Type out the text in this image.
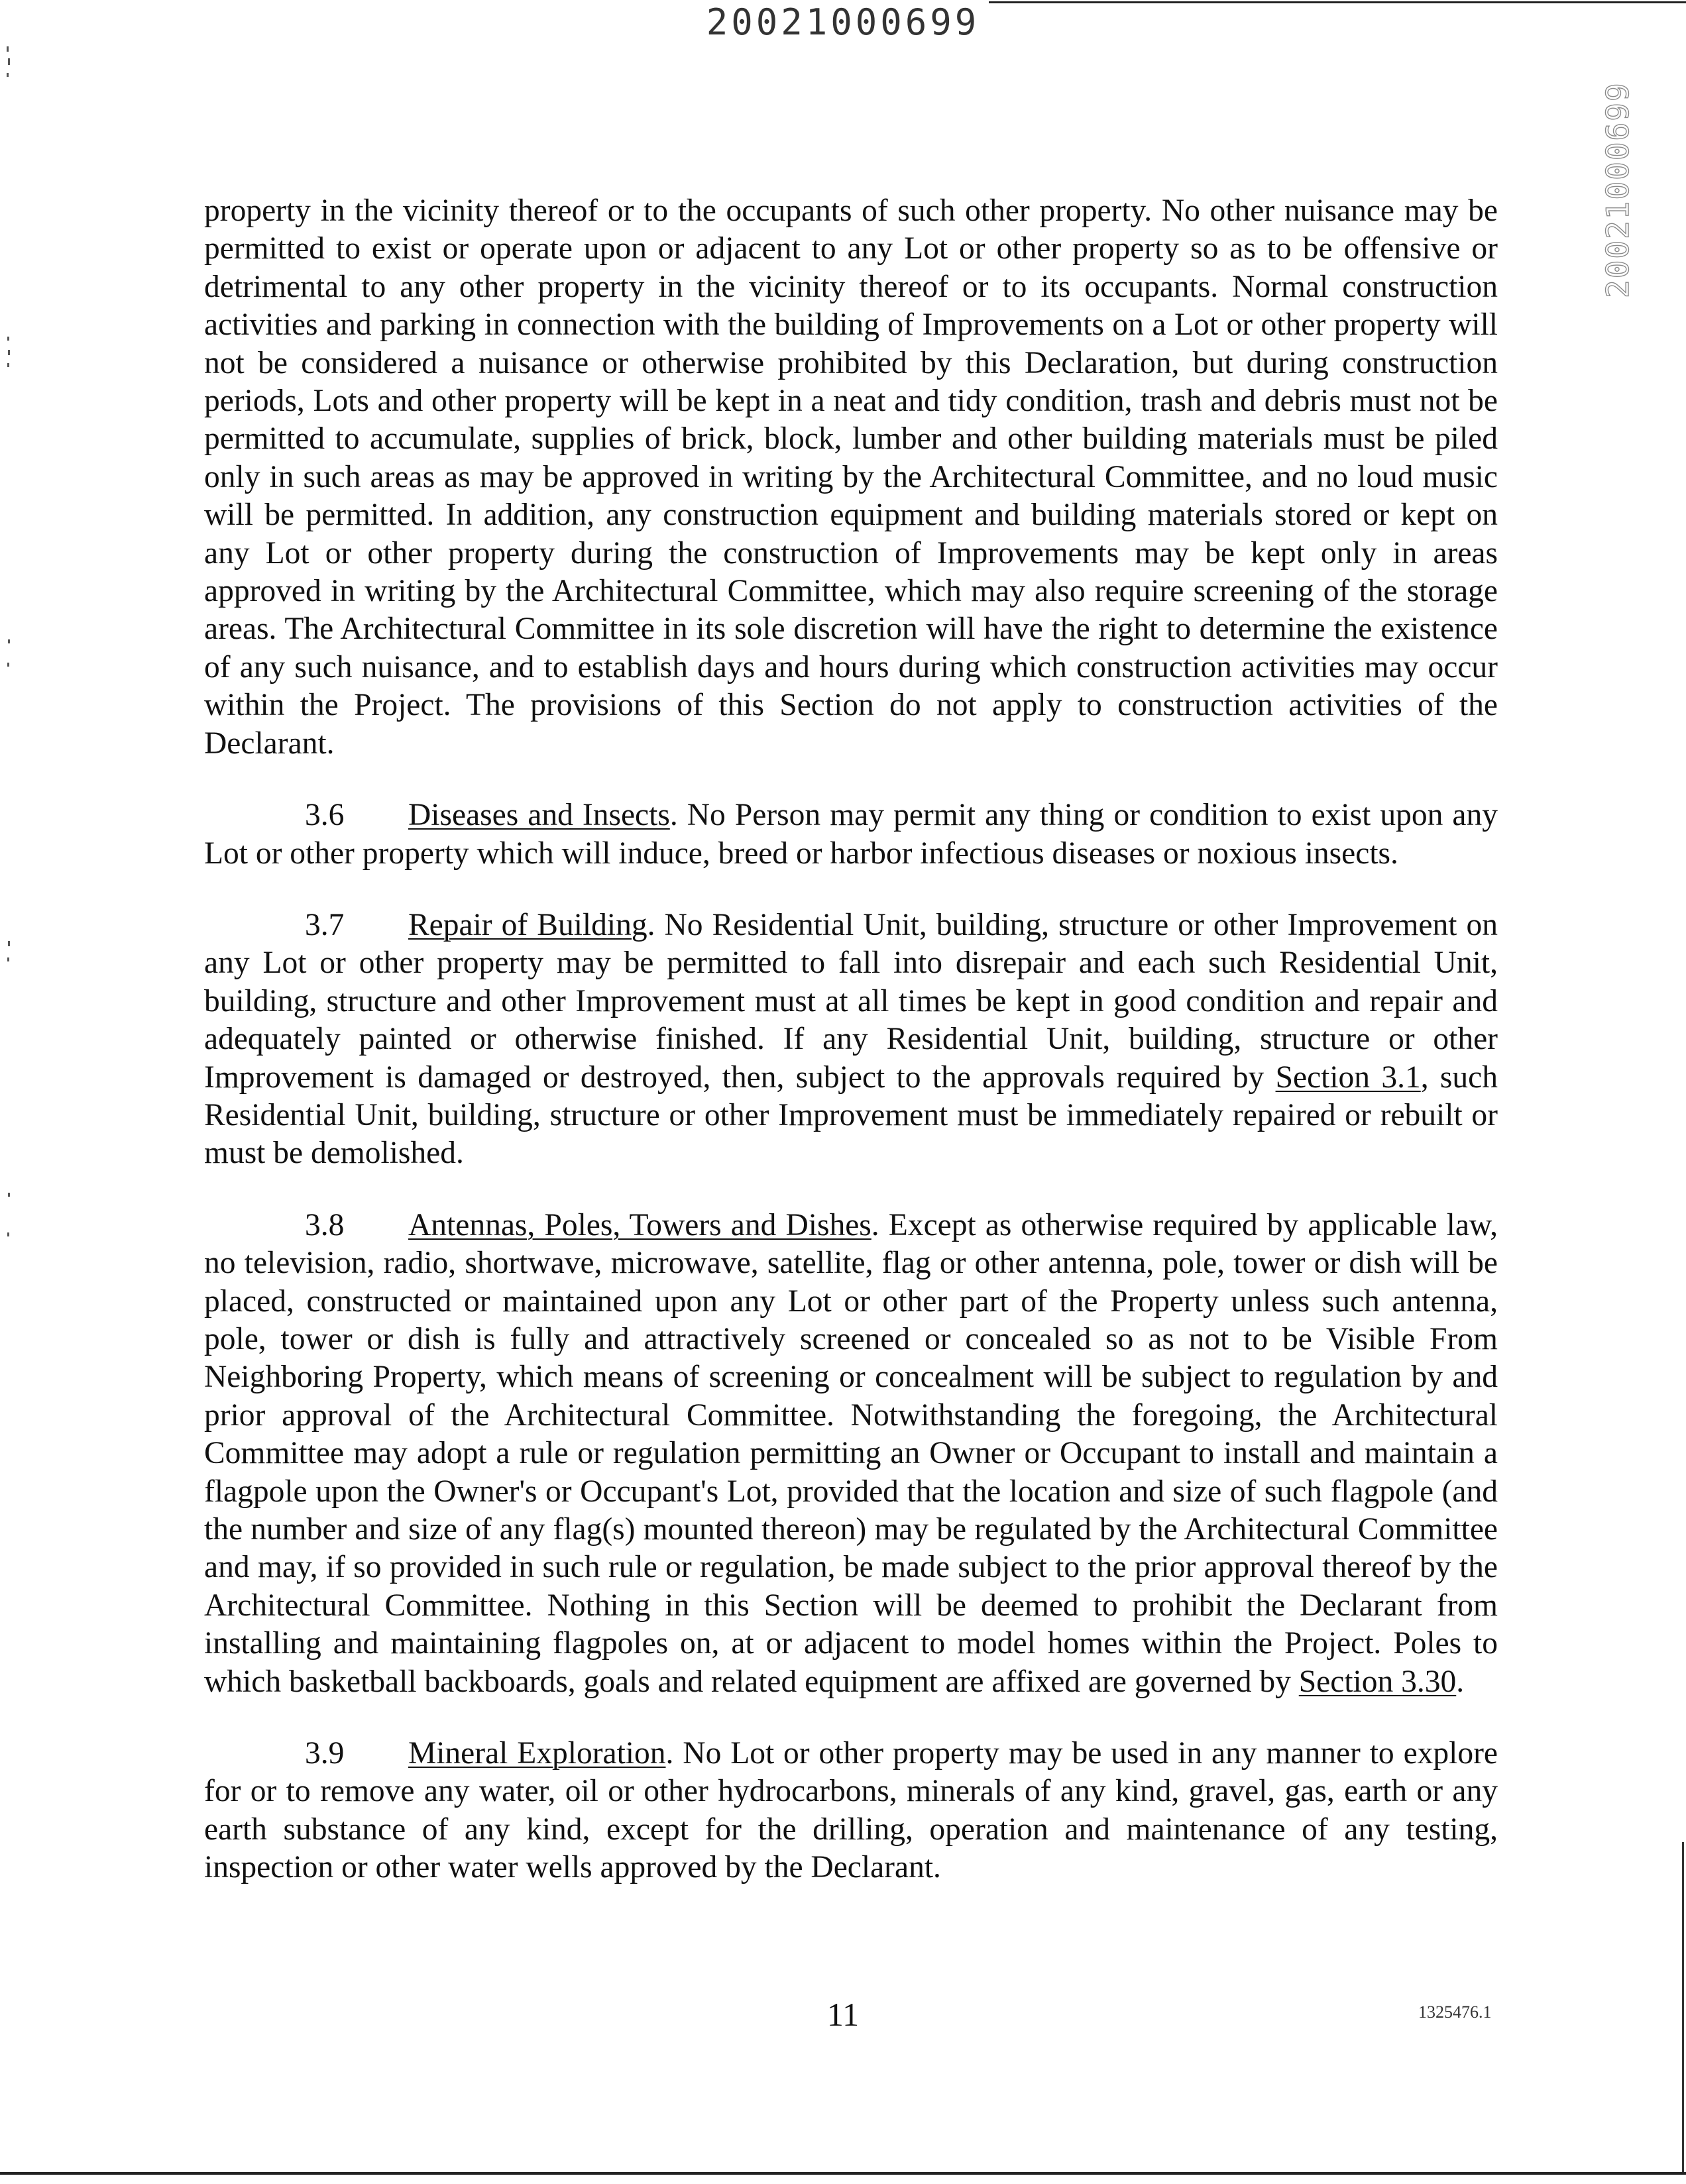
20021000699
20021000699

property in the vicinity thereof or to the occupants of such other property. No other nuisance may be permitted to exist or operate upon or adjacent to any Lot or other property so as to be offensive or detrimental to any other property in the vicinity thereof or to its occupants. Normal construction activities and parking in connection with the building of Improvements on a Lot or other property will not be considered a nuisance or otherwise prohibited by this Declaration, but during construction periods, Lots and other property will be kept in a neat and tidy condition, trash and debris must not be permitted to accumulate, supplies of brick, block, lumber and other building materials must be piled only in such areas as may be approved in writing by the Architectural Committee, and no loud music will be permitted. In addition, any construction equipment and building materials stored or kept on any Lot or other property during the construction of Improvements may be kept only in areas approved in writing by the Architectural Committee, which may also require screening of the storage areas. The Architectural Committee in its sole discretion will have the right to determine the existence of any such nuisance, and to establish days and hours during which construction activities may occur within the Project. The provisions of this Section do not apply to construction activities of the Declarant.

3.6 Diseases and Insects. No Person may permit any thing or condition to exist upon any Lot or other property which will induce, breed or harbor infectious diseases or noxious insects.

3.7 Repair of Building. No Residential Unit, building, structure or other Improvement on any Lot or other property may be permitted to fall into disrepair and each such Residential Unit, building, structure and other Improvement must at all times be kept in good condition and repair and adequately painted or otherwise finished. If any Residential Unit, building, structure or other Improvement is damaged or destroyed, then, subject to the approvals required by Section 3.1, such Residential Unit, building, structure or other Improvement must be immediately repaired or rebuilt or must be demolished.

3.8 Antennas, Poles, Towers and Dishes. Except as otherwise required by applicable law, no television, radio, shortwave, microwave, satellite, flag or other antenna, pole, tower or dish will be placed, constructed or maintained upon any Lot or other part of the Property unless such antenna, pole, tower or dish is fully and attractively screened or concealed so as not to be Visible From Neighboring Property, which means of screening or concealment will be subject to regulation by and prior approval of the Architectural Committee. Notwithstanding the foregoing, the Architectural Committee may adopt a rule or regulation permitting an Owner or Occupant to install and maintain a flagpole upon the Owner's or Occupant's Lot, provided that the location and size of such flagpole (and the number and size of any flag(s) mounted thereon) may be regulated by the Architectural Committee and may, if so provided in such rule or regulation, be made subject to the prior approval thereof by the Architectural Committee. Nothing in this Section will be deemed to prohibit the Declarant from installing and maintaining flagpoles on, at or adjacent to model homes within the Project. Poles to which basketball backboards, goals and related equipment are affixed are governed by Section 3.30.

3.9 Mineral Exploration. No Lot or other property may be used in any manner to explore for or to remove any water, oil or other hydrocarbons, minerals of any kind, gravel, gas, earth or any earth substance of any kind, except for the drilling, operation and maintenance of any testing, inspection or other water wells approved by the Declarant.

11	1325476.1
